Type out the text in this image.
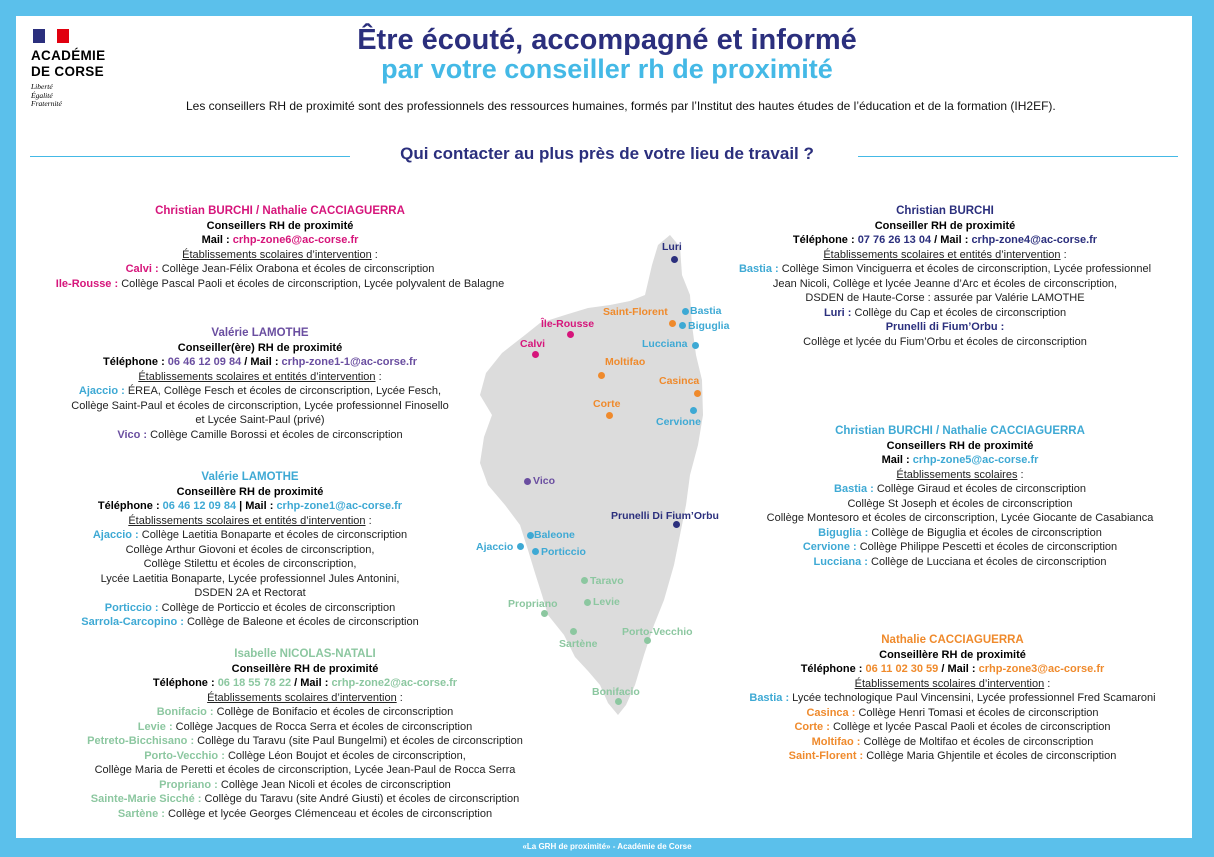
ACADÉMIE
DE CORSE
Liberté
Égalité
Fraternité
Être écouté, accompagné et informé
par votre conseiller rh de proximité
Les conseillers RH de proximité sont des professionnels des ressources humaines, formés par l’Institut des hautes études de l’éducation et de la formation (IH2EF).
Qui contacter au plus près de votre lieu de travail ?
Luri
Bastia
Biguglia
Saint-Florent
Île-Rousse
Calvi	Lucciana
Moltifao
Casinca
Corte
Cervione
Vico
Prunelli Di Fium’Orbu
Baleone
Ajaccio	Porticcio
Taravo
Propriano	Levie
Sartène
Porto-Vecchio
Bonifacio
Christian BURCHI / Nathalie CACCIAGUERRA
Conseillers RH de proximité
Mail : crhp-zone6@ac-corse.fr
Établissements scolaires d’intervention :
Calvi : Collège Jean-Félix Orabona et écoles de circonscription
Ile-Rousse : Collège Pascal Paoli et écoles de circonscription, Lycée polyvalent de Balagne
Valérie LAMOTHE
Conseiller(ère) RH de proximité
Téléphone : 06 46 12 09 84 / Mail : crhp-zone1-1@ac-corse.fr
Établissements scolaires et entités d’intervention :
Ajaccio : ÉREA, Collège Fesch et écoles de circonscription, Lycée Fesch,
Collège Saint-Paul et écoles de circonscription, Lycée professionnel Finosello
et Lycée Saint-Paul (privé)
Vico : Collège Camille Borossi et écoles de circonscription
Valérie LAMOTHE
Conseillère RH de proximité
Téléphone : 06 46 12 09 84 | Mail : crhp-zone1@ac-corse.fr
Établissements scolaires et entités d’intervention :
Ajaccio : Collège Laetitia Bonaparte et écoles de circonscription
Collège Arthur Giovoni et écoles de circonscription,
Collège Stilettu et écoles de circonscription,
Lycée Laetitia Bonaparte, Lycée professionnel Jules Antonini,
DSDEN 2A et Rectorat
Porticcio : Collège de Porticcio et écoles de circonscription
Sarrola-Carcopino : Collège de Baleone et écoles de circonscription
Isabelle NICOLAS-NATALI
Conseillère RH de proximité
Téléphone : 06 18 55 78 22 / Mail : crhp-zone2@ac-corse.fr
Établissements scolaires d’intervention :
Bonifacio : Collège de Bonifacio et écoles de circonscription
Levie : Collège Jacques de Rocca Serra et écoles de circonscription
Petreto-Bicchisano : Collège du Taravu (site Paul Bungelmi) et écoles de circonscription
Porto-Vecchio : Collège Léon Boujot et écoles de circonscription,
Collège Maria de Peretti et écoles de circonscription, Lycée Jean-Paul de Rocca Serra
Propriano : Collège Jean Nicoli et écoles de circonscription
Sainte-Marie Sicché : Collège du Taravu (site André Giusti) et écoles de circonscription
Sartène : Collège et lycée Georges Clémenceau et écoles de circonscription
Christian BURCHI
Conseiller RH de proximité
Téléphone : 07 76 26 13 04 / Mail : crhp-zone4@ac-corse.fr
Établissements scolaires et entités d’intervention :
Bastia : Collège Simon Vinciguerra et écoles de circonscription, Lycée professionnel
Jean Nicoli, Collège et lycée Jeanne d’Arc et écoles de circonscription,
DSDEN de Haute-Corse : assurée par Valérie LAMOTHE
Luri : Collège du Cap et écoles de circonscription
Prunelli di Fium’Orbu :
Collège et lycée du Fium’Orbu et écoles de circonscription
Christian BURCHI / Nathalie CACCIAGUERRA
Conseillers RH de proximité
Mail : crhp-zone5@ac-corse.fr
Établissements scolaires :
Bastia : Collège Giraud et écoles de circonscription
Collège St Joseph et écoles de circonscription
Collège Montesoro et écoles de circonscription, Lycée Giocante de Casabianca
Biguglia : Collège de Biguglia et écoles de circonscription
Cervione : Collège Philippe Pescetti et écoles de circonscription
Lucciana : Collège de Lucciana et écoles de circonscription
Nathalie CACCIAGUERRA
Conseillère RH de proximité
Téléphone : 06 11 02 30 59 / Mail : crhp-zone3@ac-corse.fr
Établissements scolaires d’intervention :
Bastia : Lycée technologique Paul Vincensini, Lycée professionnel Fred Scamaroni
Casinca : Collège Henri Tomasi et écoles de circonscription
Corte : Collège et lycée Pascal Paoli et écoles de circonscription
Moltifao : Collège de Moltifao et écoles de circonscription
Saint-Florent : Collège Maria Ghjentile et écoles de circonscription
«La GRH de proximité» - Académie de Corse
